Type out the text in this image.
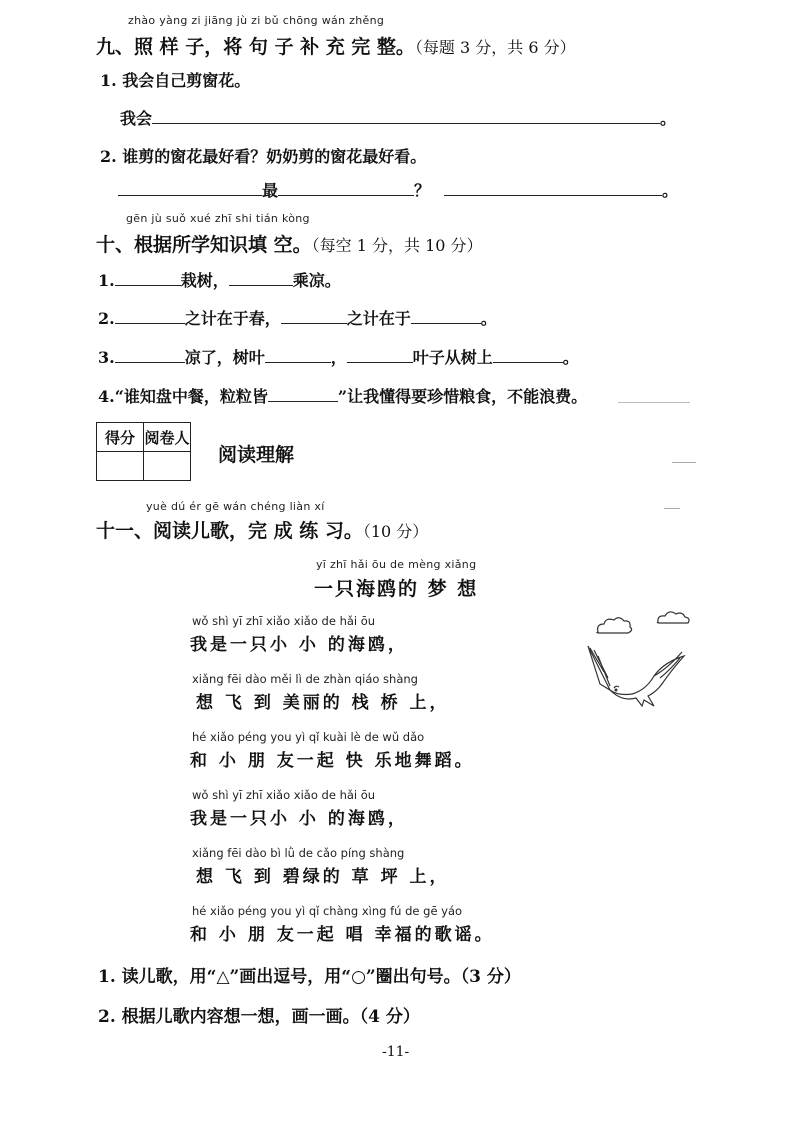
zhào yàng zi jiāng jù zi bǔ chōng wán zhěng
九、照 样 子，将 句 子 补 充 完 整。（每题 3 分，共 6 分）
1. 我会自己剪窗花。
我会	。
2. 谁剪的窗花最好看？奶奶剪的窗花最好看。
最	？	。
gēn jù suǒ xué zhī shi tián kòng
十、根据所学知识填 空。（每空 1 分，共 10 分）
1.	栽树，	乘凉。
2.	之计在于春，	之计在于	。
3.	凉了，树叶	，	叶子从树上	。
4.“谁知盘中餐，粒粒皆	”让我懂得要珍惜粮食，不能浪费。
得分	阅卷人

阅读理解
yuè dú ér gē wán chéng liàn xí
十一、阅读儿歌，完 成 练 习。（10 分）
yī zhī hǎi ōu de mèng xiǎng
一只海鸥的 梦 想
wǒ shì yī zhī xiǎo xiǎo de hǎi ōu
我是一只小 小 的海鸥，
xiǎng fēi dào měi lì de zhàn qiáo shàng
想 飞 到 美丽的 栈 桥 上，
hé xiǎo péng you yì qǐ kuài lè de wǔ dǎo
和 小 朋 友一起 快 乐地舞蹈。
wǒ shì yī zhī xiǎo xiǎo de hǎi ōu
我是一只小 小 的海鸥，
xiǎng fēi dào bì lǜ de cǎo píng shàng
想 飞 到 碧绿的 草 坪 上，
hé xiǎo péng you yì qǐ chàng xìng fú de gē yáo
和 小 朋 友一起 唱 幸福的歌谣。
1. 读儿歌，用“△”画出逗号，用“○”圈出句号。（3 分）
2. 根据儿歌内容想一想，画一画。（4 分）
-11-
